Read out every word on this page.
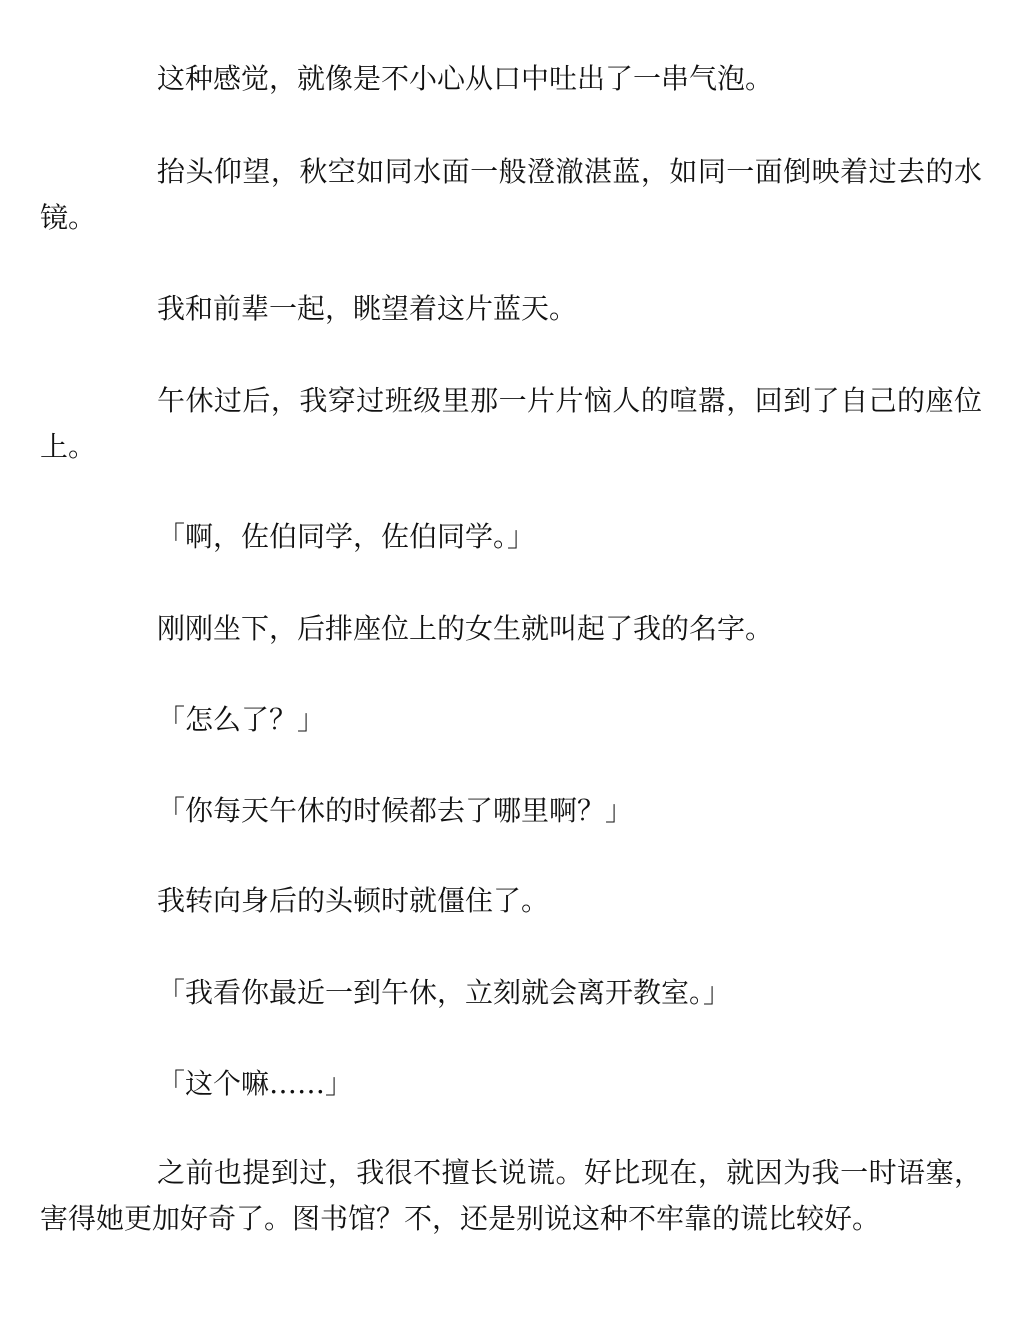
这种感觉，就像是不小心从口中吐出了一串气泡。

抬头仰望，秋空如同水面一般澄澈湛蓝，如同一面倒映着过去的水镜。

我和前辈一起，眺望着这片蓝天。

午休过后，我穿过班级里那一片片恼人的喧嚣，回到了自己的座位上。

「啊，佐伯同学，佐伯同学。」

刚刚坐下，后排座位上的女生就叫起了我的名字。

「怎么了？」

「你每天午休的时候都去了哪里啊？」

我转向身后的头顿时就僵住了。

「我看你最近一到午休，立刻就会离开教室。」

「这个嘛……」

之前也提到过，我很不擅长说谎。好比现在，就因为我一时语塞，害得她更加好奇了。图书馆？不，还是别说这种不牢靠的谎比较好。
